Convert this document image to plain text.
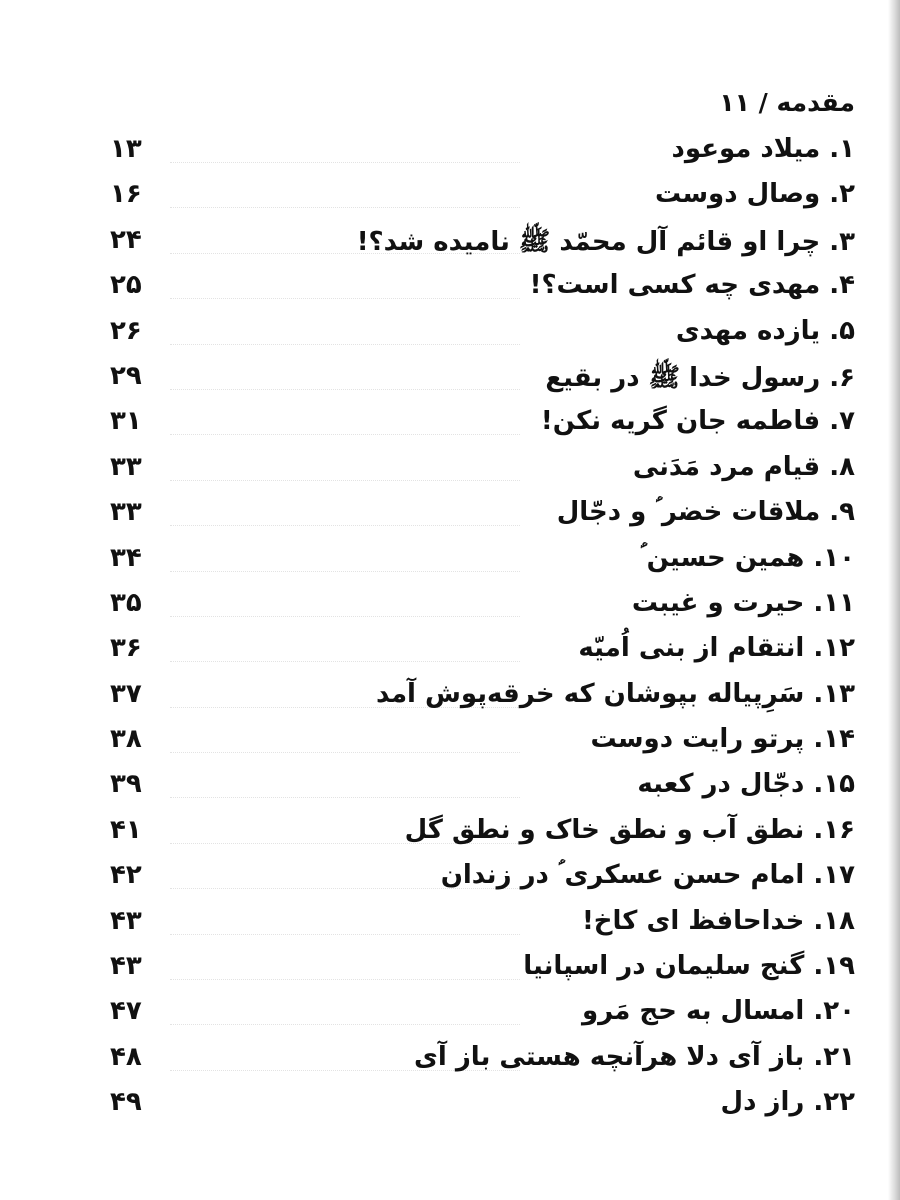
مقدمه / ۱۱
۱۳	۱. میلاد موعود
۱۶	۲. وصال دوست
۲۴	۳. چرا او قائم آل محمّد ﷺ نامیده شد؟!
۲۵	۴. مهدی چه کسی است؟!
۲۶	۵. یازده مهدی
۲۹	۶. رسول خدا ﷺ در بقیع
۳۱	۷. فاطمه جان گریه نکن!
۳۳	۸. قیام مرد مَدَنی
۳۳	۹. ملاقات خضر ؑ و دجّال
۳۴	۱۰. همین حسین ؑ
۳۵	۱۱. حیرت و غیبت
۳۶	۱۲. انتقام از بنی اُمیّه
۳۷	۱۳. سَرِپیاله بپوشان که خرقه‌پوش آمد
۳۸	۱۴. پرتو رایت دوست
۳۹	۱۵. دجّال در کعبه
۴۱	۱۶. نطق آب و نطق خاک و نطق گل
۴۲	۱۷. امام حسن عسکری ؑ در زندان
۴۳	۱۸. خداحافظ ای کاخ!
۴۳	۱۹. گنج سلیمان در اسپانیا
۴۷	۲۰. امسال به حج مَرو
۴۸	۲۱. باز آی دلا هرآنچه هستی باز آی
۴۹	۲۲. راز دل
